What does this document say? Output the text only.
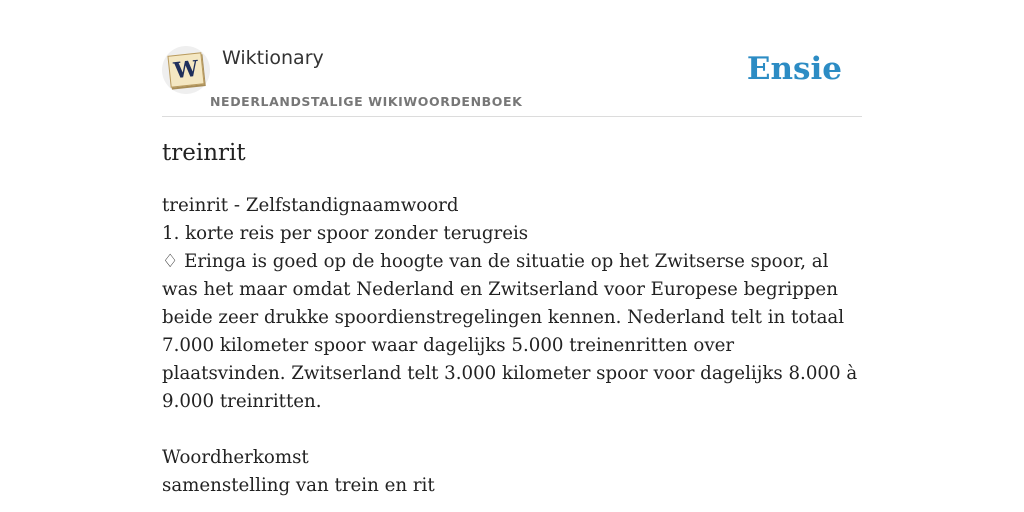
W Wiktionary
NEDERLANDSTALIGE WIKIWOORDENBOEK
Ensie
treinrit

treinrit - Zelfstandignaamwoord

1. korte reis per spoor zonder terugreis

♢ Eringa is goed op de hoogte van de situatie op het Zwitserse spoor, al was het maar omdat Nederland en Zwitserland voor Europese begrippen beide zeer drukke spoordienstregelingen kennen. Nederland telt in totaal 7.000 kilometer spoor waar dagelijks 5.000 treinenritten over plaatsvinden. Zwitserland telt 3.000 kilometer spoor voor dagelijks 8.000 à 9.000 treinritten.

Woordherkomst

samenstelling van trein en rit
